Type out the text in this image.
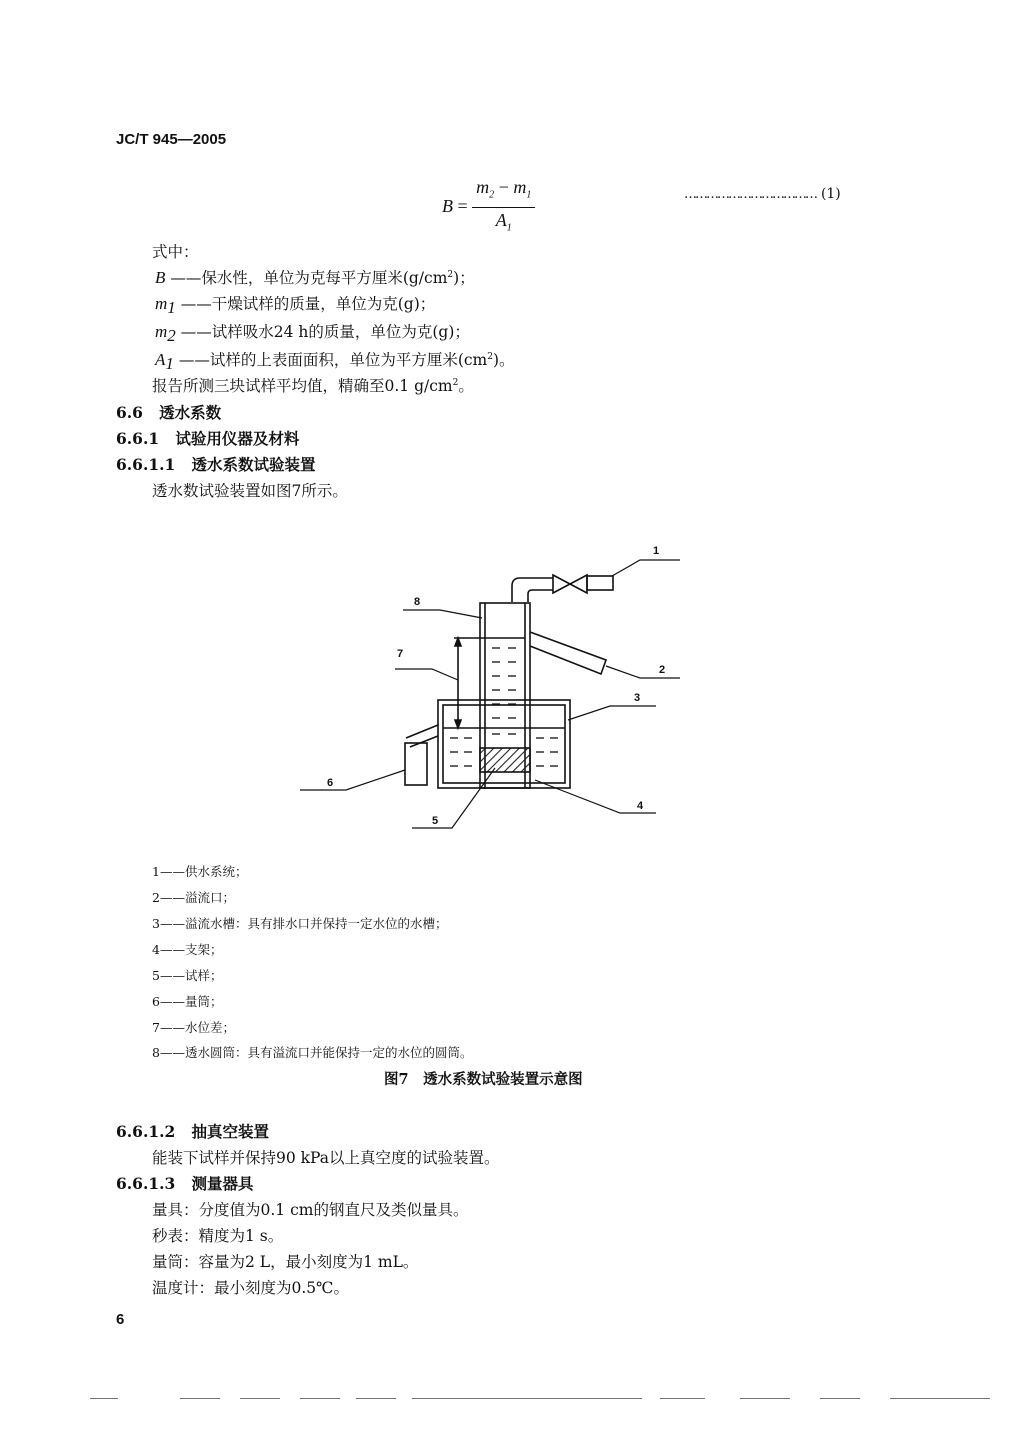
JC/T 945—2005
$B = \frac{m_2 - m_1}{A_1}$	……………………………… (1)
式中：
B ——保水性，单位为克每平方厘米$(g/cm^2)$；
$m_1$ ——干燥试样的质量，单位为克(g)；
$m_2$ ——试样吸水24 h的质量，单位为克(g)；
$A_1$ ——试样的上表面面积，单位为平方厘米$(cm^2)$。
报告所测三块试样平均值，精确至0.1 $g/cm^2$。
6.6 透水系数
6.6.1 试验用仪器及材料
6.6.1.1 透水系数试验装置
透水数试验装置如图7所示。
1
2
3
4
5
6
7
8
1——供水系统；
2——溢流口；
3——溢流水槽：具有排水口并保持一定水位的水槽；
4——支架；
5——试样；
6——量筒；
7——水位差；
8——透水圆筒：具有溢流口并能保持一定的水位的圆筒。
图7　透水系数试验装置示意图
6.6.1.2 抽真空装置
能装下试样并保持90 kPa以上真空度的试验装置。
6.6.1.3 测量器具
量具：分度值为0.1 cm的钢直尺及类似量具。
秒表：精度为1 s。
量筒：容量为2 L，最小刻度为1 mL。
温度计：最小刻度为0.5℃。
6
